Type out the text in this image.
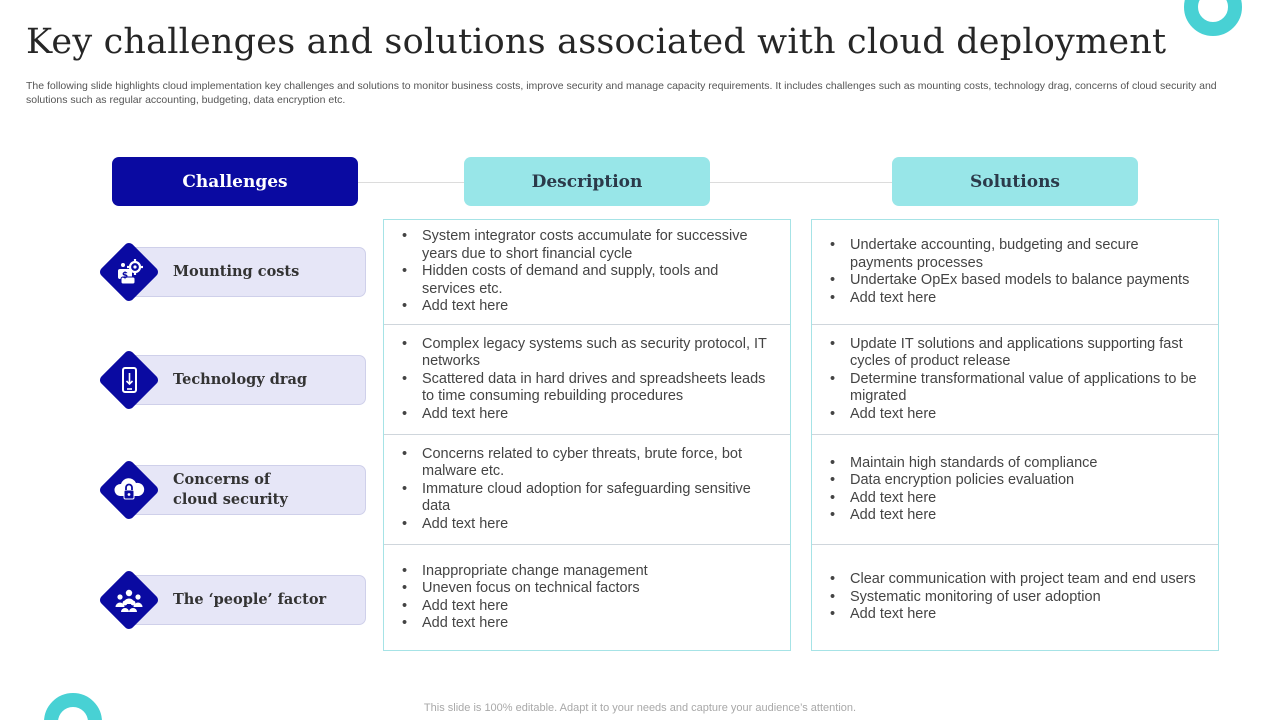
Key challenges and solutions associated with cloud deployment

The following slide highlights cloud implementation key challenges and solutions to monitor business costs, improve security and manage capacity requirements. It includes challenges such as mounting costs, technology drag, concerns of cloud security and solutions such as regular accounting, budgeting, data encryption etc.

Challenges	Description	Solutions
Mounting costs
Technology drag
Concerns of cloud security
The ‘people’ factor
$
• System integrator costs accumulate for successive years due to short financial cycle
• Hidden costs of demand and supply, tools and services etc.
• Add text here
• Complex legacy systems such as security protocol, IT networks
• Scattered data in hard drives and spreadsheets leads to time consuming rebuilding procedures
• Add text here
• Concerns related to cyber threats, brute force, bot malware etc.
• Immature cloud adoption for safeguarding sensitive data
• Add text here
• Inappropriate change management
• Uneven focus on technical factors
• Add text here
• Add text here
• Undertake accounting, budgeting and secure payments processes
• Undertake OpEx based models to balance payments
• Add text here
• Update IT solutions and applications supporting fast cycles of product release
• Determine transformational value of applications to be migrated
• Add text here
• Maintain high standards of compliance
• Data encryption policies evaluation
• Add text here
• Add text here
• Clear communication with project team and end users
• Systematic monitoring of user adoption
• Add text here
This slide is 100% editable. Adapt it to your needs and capture your audience’s attention.
